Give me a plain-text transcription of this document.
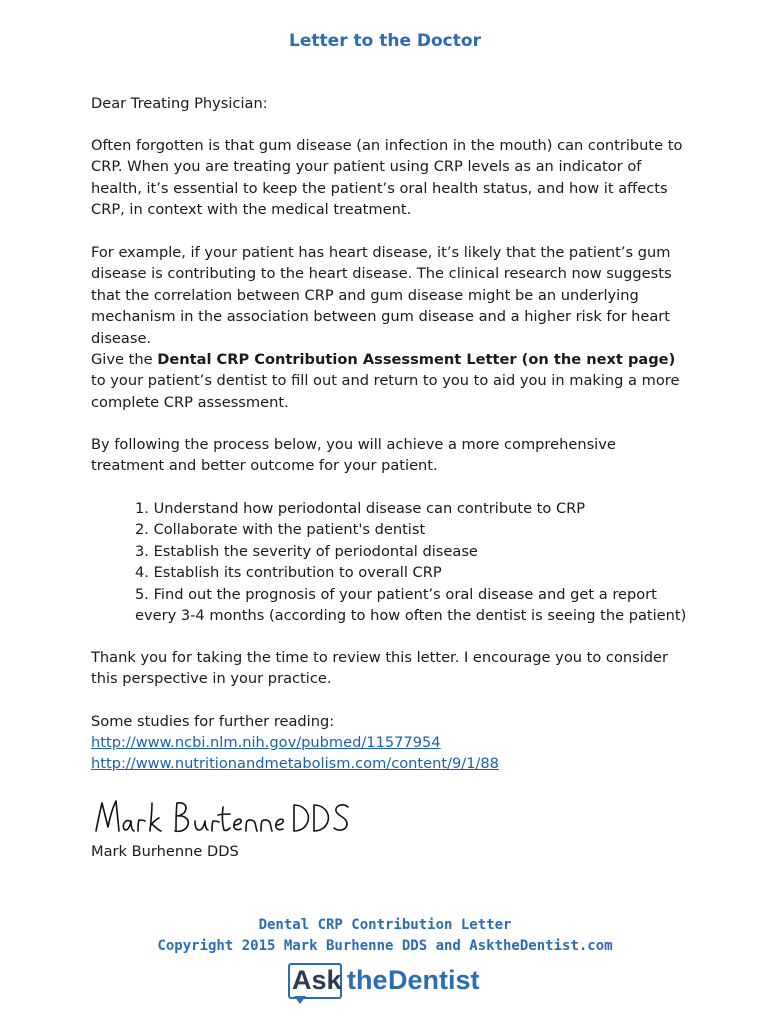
Letter to the Doctor

Dear Treating Physician:

Often forgotten is that gum disease (an infection in the mouth) can contribute to CRP. When you are treating your patient using CRP levels as an indicator of health, it’s essential to keep the patient’s oral health status, and how it affects CRP, in context with the medical treatment.

For example, if your patient has heart disease, it’s likely that the patient’s gum disease is contributing to the heart disease. The clinical research now suggests that the correlation between CRP and gum disease might be an underlying mechanism in the association between gum disease and a higher risk for heart disease.

Give the Dental CRP Contribution Assessment Letter (on the next page) to your patient’s dentist to fill out and return to you to aid you in making a more complete CRP assessment.

By following the process below, you will achieve a more comprehensive treatment and better outcome for your patient.

1. Understand how periodontal disease can contribute to CRP
2. Collaborate with the patient's dentist
3. Establish the severity of periodontal disease
4. Establish its contribution to overall CRP
5. Find out the prognosis of your patient’s oral disease and get a report every 3-4 months (according to how often the dentist is seeing the patient)

Thank you for taking the time to review this letter. I encourage you to consider this perspective in your practice.

Some studies for further reading:

http://www.ncbi.nlm.nih.gov/pubmed/11577954
http://www.nutritionandmetabolism.com/content/9/1/88

Mark Burhenne DDS

Dental CRP Contribution Letter

Copyright 2015 Mark Burhenne DDS and AsktheDentist.com

Ask the Dentist
